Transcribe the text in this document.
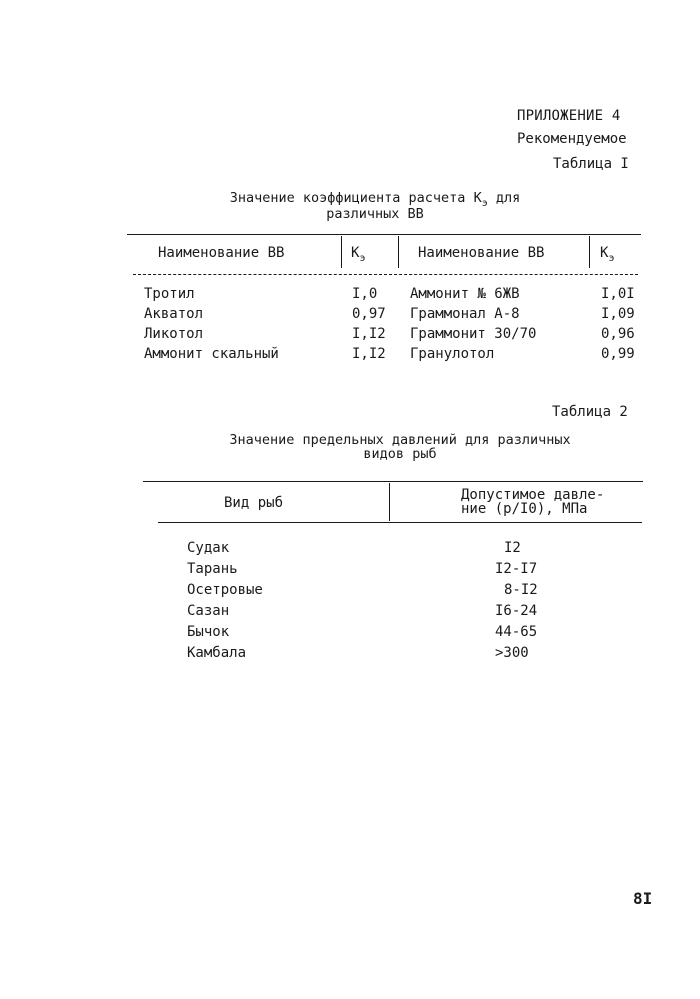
ПРИЛОЖЕНИЕ 4
Рекомендуемое
Таблица I
Значение коэффициента расчета $К_э$ для
различных ВВ
Наименование ВВ	$К_э$	Наименование ВВ	$К_э$
Тротил	I,0 Аммонит № 6ЖВ	I,0I
Акватол	0,97 Граммонал А-8	I,09
Ликотол	I,I2 Граммонит 30/70	0,96
Аммонит скальный	I,I2 Гранулотол	0,99
Таблица 2
Значение предельных давлений для различных
видов рыб
Вид рыб	Допустимое давле-
ние (р/I0), МПа
Судак	I2
Тарань	I2-I7
Осетровые	8-I2
Сазан	I6-24
Бычок	44-65
Камбала	>300
8I
